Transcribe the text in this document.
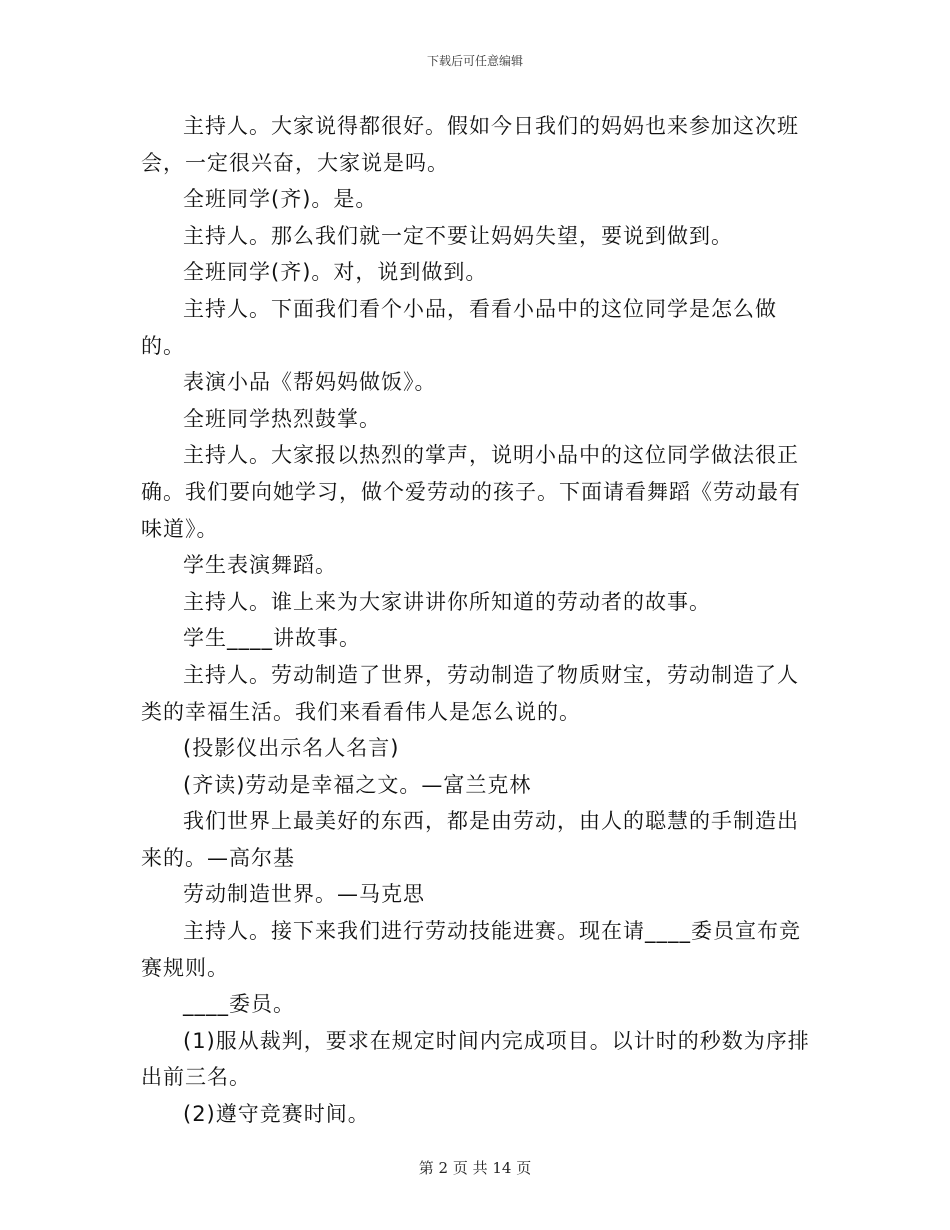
下载后可任意编辑

主持人。大家说得都很好。假如今日我们的妈妈也来参加这次班会，一定很兴奋，大家说是吗。

全班同学(齐)。是。

主持人。那么我们就一定不要让妈妈失望，要说到做到。

全班同学(齐)。对，说到做到。

主持人。下面我们看个小品，看看小品中的这位同学是怎么做的。

表演小品《帮妈妈做饭》。

全班同学热烈鼓掌。

主持人。大家报以热烈的掌声，说明小品中的这位同学做法很正确。我们要向她学习，做个爱劳动的孩子。下面请看舞蹈《劳动最有味道》。

学生表演舞蹈。

主持人。谁上来为大家讲讲你所知道的劳动者的故事。

学生____讲故事。

主持人。劳动制造了世界，劳动制造了物质财宝，劳动制造了人类的幸福生活。我们来看看伟人是怎么说的。

(投影仪出示名人名言)

(齐读)劳动是幸福之文。—富兰克林

我们世界上最美好的东西，都是由劳动，由人的聪慧的手制造出来的。—高尔基

劳动制造世界。—马克思

主持人。接下来我们进行劳动技能进赛。现在请____委员宣布竞赛规则。

____委员。

(1)服从裁判，要求在规定时间内完成项目。以计时的秒数为序排出前三名。

(2)遵守竞赛时间。

第 2 页 共 14 页
